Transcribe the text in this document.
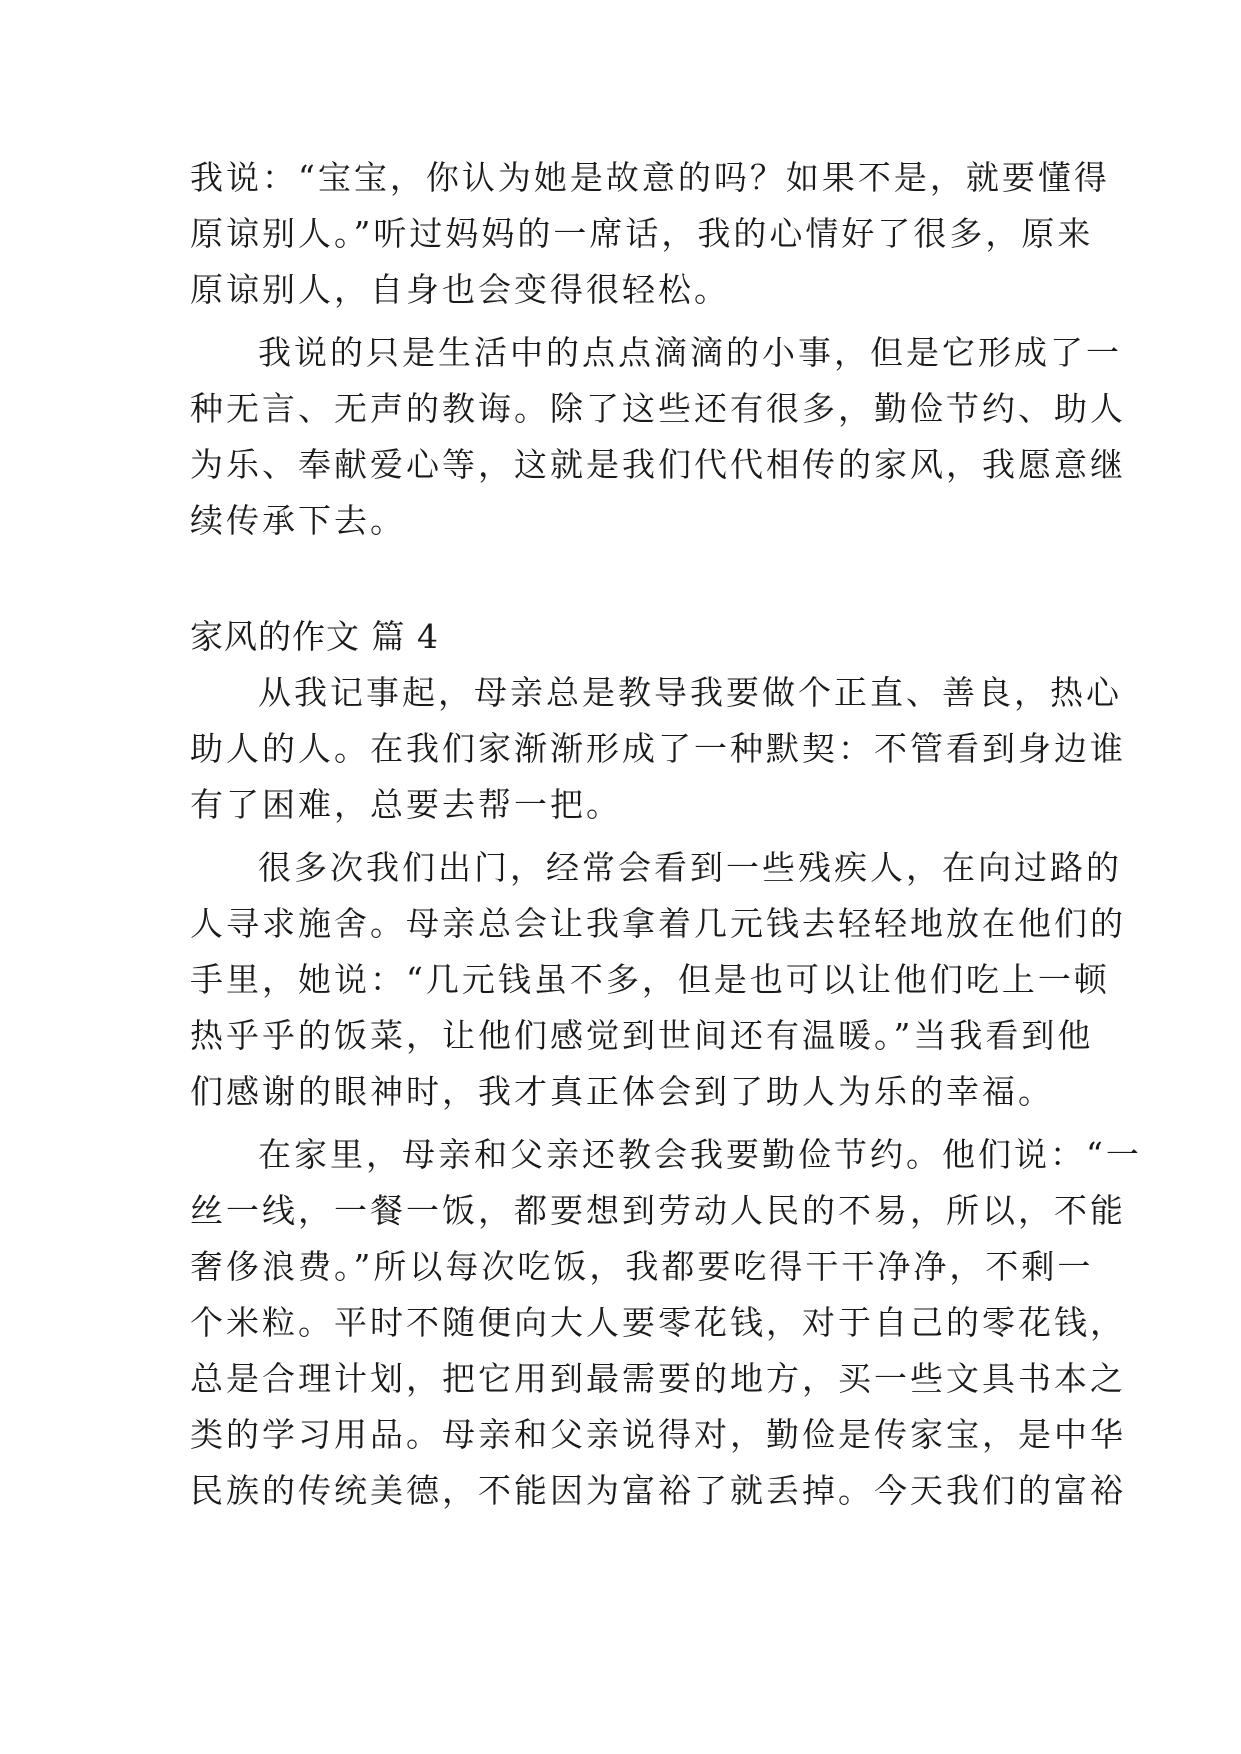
我说：“宝宝，你认为她是故意的吗？如果不是，就要懂得
原谅别人。”听过妈妈的一席话，我的心情好了很多，原来
原谅别人，自身也会变得很轻松。
我说的只是生活中的点点滴滴的小事，但是它形成了一
种无言、无声的教诲。除了这些还有很多，勤俭节约、助人
为乐、奉献爱心等，这就是我们代代相传的家风，我愿意继
续传承下去。
家风的作文 篇 4
从我记事起，母亲总是教导我要做个正直、善良，热心
助人的人。在我们家渐渐形成了一种默契：不管看到身边谁
有了困难，总要去帮一把。
很多次我们出门，经常会看到一些残疾人，在向过路的
人寻求施舍。母亲总会让我拿着几元钱去轻轻地放在他们的
手里，她说：“几元钱虽不多，但是也可以让他们吃上一顿
热乎乎的饭菜，让他们感觉到世间还有温暖。”当我看到他
们感谢的眼神时，我才真正体会到了助人为乐的幸福。
在家里，母亲和父亲还教会我要勤俭节约。他们说：“一
丝一线，一餐一饭，都要想到劳动人民的不易，所以，不能
奢侈浪费。”所以每次吃饭，我都要吃得干干净净，不剩一
个米粒。平时不随便向大人要零花钱，对于自己的零花钱，
总是合理计划，把它用到最需要的地方，买一些文具书本之
类的学习用品。母亲和父亲说得对，勤俭是传家宝，是中华
民族的传统美德，不能因为富裕了就丢掉。今天我们的富裕
